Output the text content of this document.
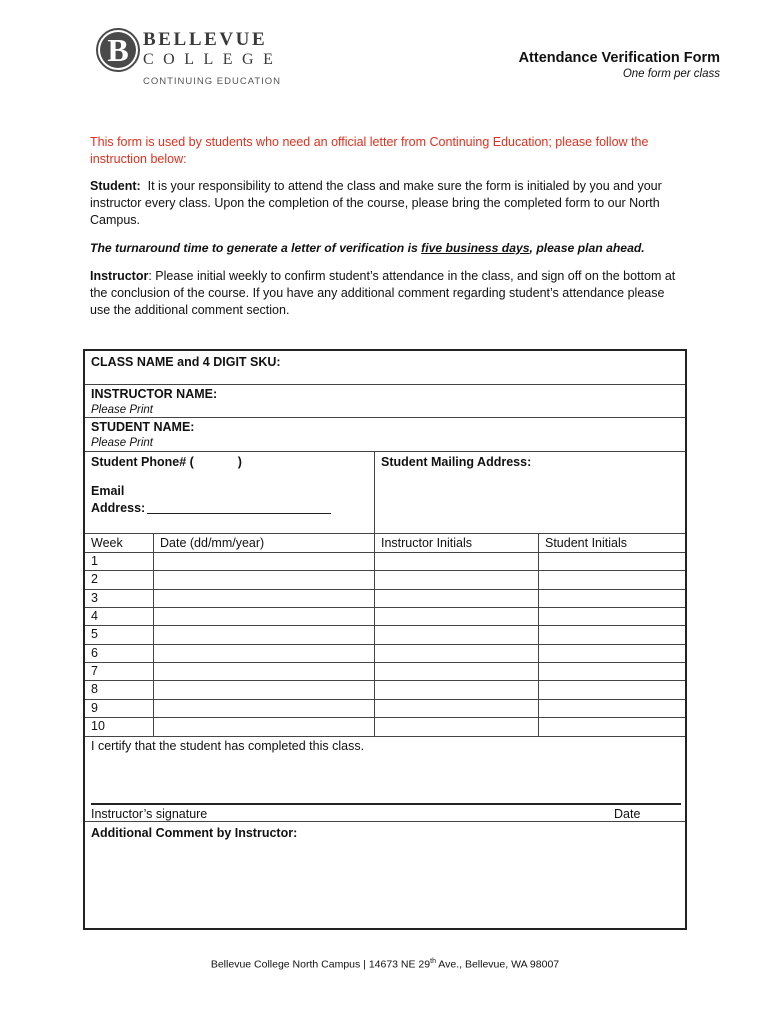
B BELLEVUE
COLLEGE
CONTINUING EDUCATION
Attendance Verification Form
One form per class
This form is used by students who need an official letter from Continuing Education; please follow the instruction below:
Student: It is your responsibility to attend the class and make sure the form is initialed by you and your instructor every class. Upon the completion of the course, please bring the completed form to our North Campus.
The turnaround time to generate a letter of verification is five business days, please plan ahead.
Instructor: Please initial weekly to confirm student’s attendance in the class, and sign off on the bottom at the conclusion of the course. If you have any additional comment regarding student’s attendance please use the additional comment section.
CLASS NAME and 4 DIGIT SKU:
INSTRUCTOR NAME:
Please Print
STUDENT NAME:
Please Print
Student Phone# (	)	Student Mailing Address:
Email
Address:
Week	Date (dd/mm/year)	Instructor Initials	Student Initials
1
2
3
4
5
6
7
8
9
10
I certify that the student has completed this class.
Instructor’s signature	Date
Additional Comment by Instructor:
Bellevue College North Campus | 14673 NE 29th Ave., Bellevue, WA 98007
